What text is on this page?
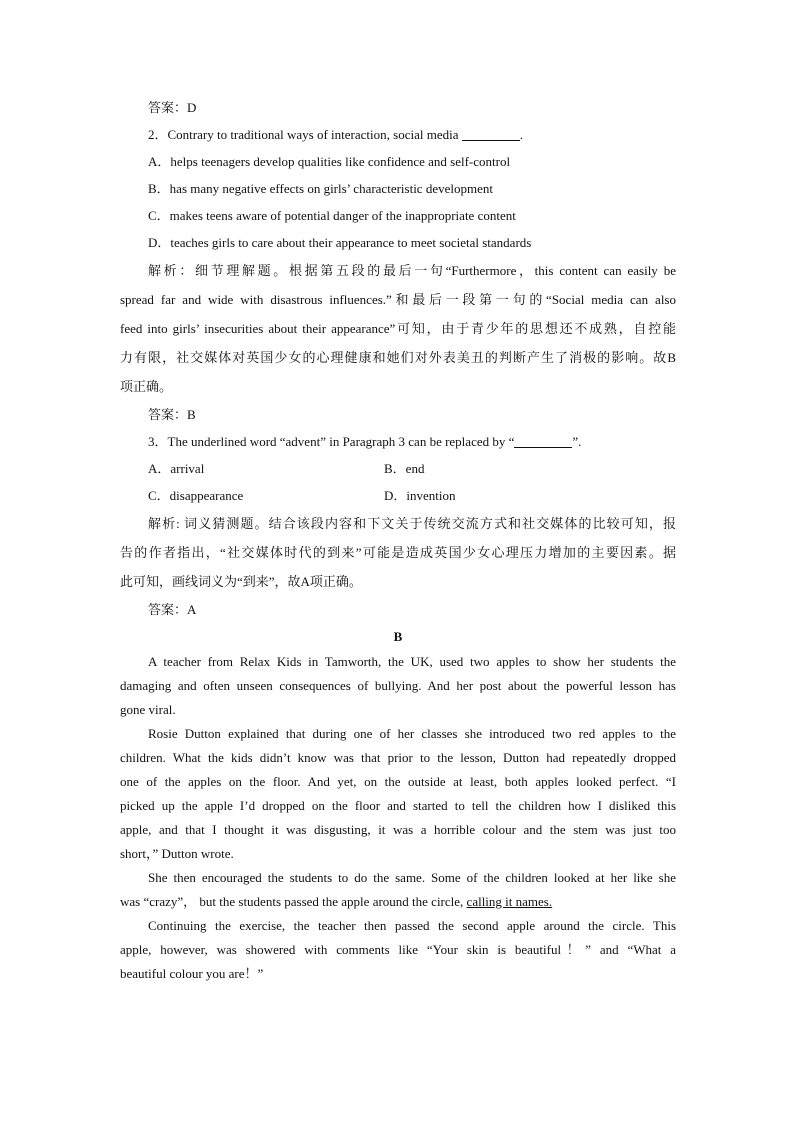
答案：D
2．Contrary to traditional ways of interaction, social media	.
A．helps teenagers develop qualities like confidence and self-control
B．has many negative effects on girls’ characteristic development
C．makes teens aware of potential danger of the inappropriate content
D．teaches girls to care about their appearance to meet societal standards
解析：细节理解题。根据第五段的最后一句“Furthermore，this content can easily be
spread far and wide with disastrous influences.”和最后一段第一句的“Social media can also
feed into girls’ insecurities about their appearance”可知，由于青少年的思想还不成熟，自控能
力有限，社交媒体对英国少女的心理健康和她们对外表美丑的判断产生了消极的影响。故B
项正确。
答案：B
3．The underlined word “advent” in Paragraph 3 can be replaced by “	”.
A．arrival	B．end
C．disappearance	D．invention
解析: 词义猜测题。结合该段内容和下文关于传统交流方式和社交媒体的比较可知，报
告的作者指出，“社交媒体时代的到来”可能是造成英国少女心理压力增加的主要因素。据
此可知，画线词义为“到来”，故A项正确。
答案：A
B
A teacher from Relax Kids in Tamworth, the UK, used two apples to show her students the
damaging and often unseen consequences of bullying. And her post about the powerful lesson has
gone viral.
Rosie Dutton explained that during one of her classes she introduced two red apples to the
children. What the kids didn’t know was that prior to the lesson, Dutton had repeatedly dropped
one of the apples on the floor. And yet, on the outside at least, both apples looked perfect. “I
picked up the apple I’d dropped on the floor and started to tell the children how I disliked this
apple, and that I thought it was disgusting, it was a horrible colour and the stem was just too
short，” Dutton wrote.
She then encouraged the students to do the same. Some of the children looked at her like she
was “crazy”， but the students passed the apple around the circle, calling it names.
Continuing the exercise, the teacher then passed the second apple around the circle. This
apple, however, was showered with comments like “Your skin is beautiful！” and “What a
beautiful colour you are！”
